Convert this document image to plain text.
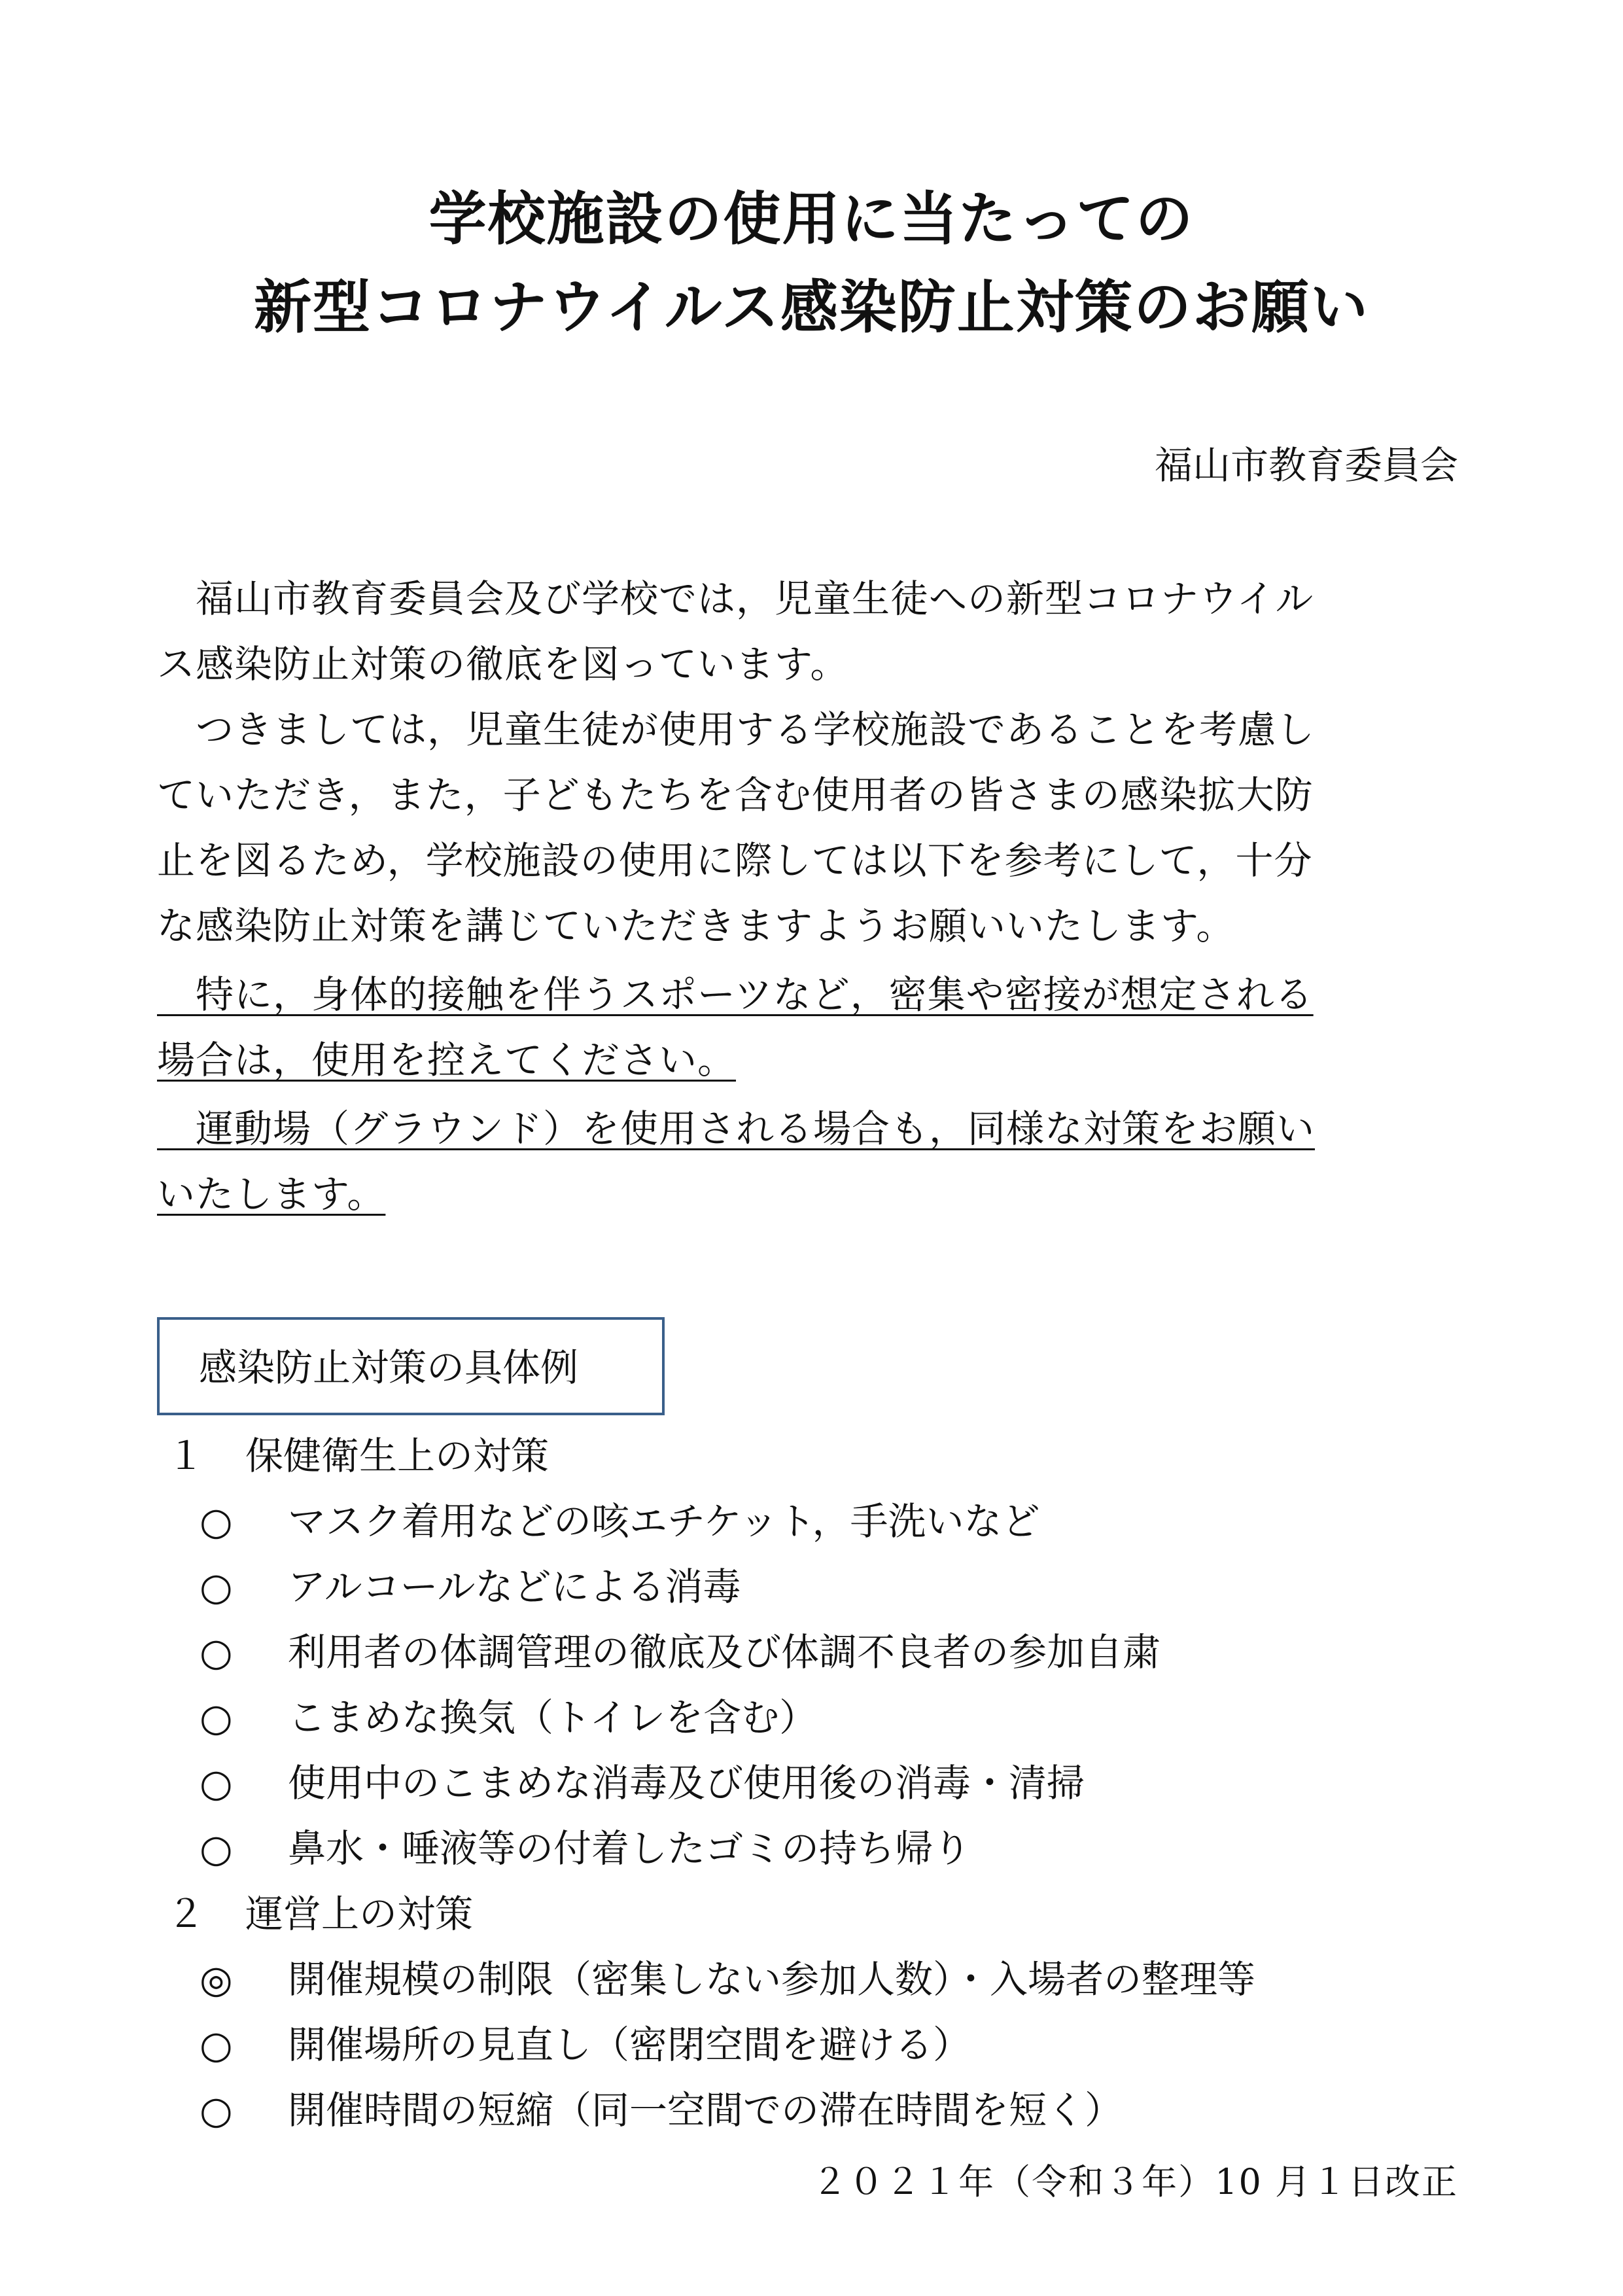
学校施設の使用に当たっての
新型コロナウイルス感染防止対策のお願い
福山市教育委員会
　福山市教育委員会及び学校では，児童生徒への新型コロナウイル
ス感染防止対策の徹底を図っています。
　つきましては，児童生徒が使用する学校施設であることを考慮し
ていただき，また，子どもたちを含む使用者の皆さまの感染拡大防
止を図るため，学校施設の使用に際しては以下を参考にして，十分
な感染防止対策を講じていただきますようお願いいたします。
　特に，身体的接触を伴うスポーツなど，密集や密接が想定される
場合は，使用を控えてください。
　運動場（グラウンド）を使用される場合も，同様な対策をお願い
いたします。
感染防止対策の具体例
１ 保健衛生上の対策
○ マスク着用などの咳エチケット，手洗いなど
○ アルコールなどによる消毒
○ 利用者の体調管理の徹底及び体調不良者の参加自粛
○ こまめな換気（トイレを含む）
○ 使用中のこまめな消毒及び使用後の消毒・清掃
○ 鼻水・唾液等の付着したゴミの持ち帰り
２ 運営上の対策
◎ 開催規模の制限（密集しない参加人数）・入場者の整理等
○ 開催場所の見直し（密閉空間を避ける）
○ 開催時間の短縮（同一空間での滞在時間を短く）
２０２１年（令和３年）10 月１日改正
